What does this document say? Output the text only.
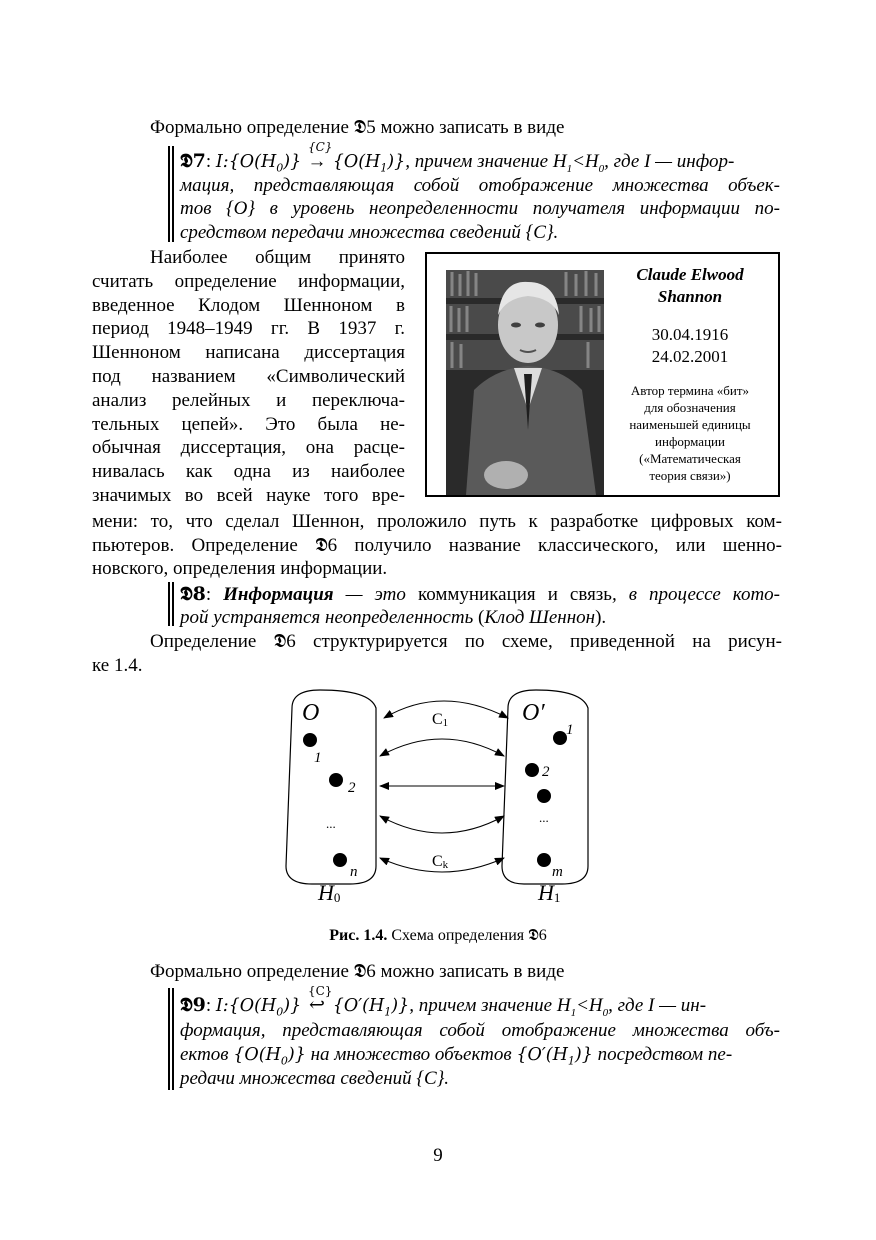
Формально определение 𝕯5 можно записать в виде
𝕯7: $I:\{O(H_0)\}$
{C}
→ $\{O(H_1)\}$, причем значение $H_1<H_0$, где I — инфор-
мация, представляющая собой отображение множества объек-
тов {O} в уровень неопределенности получателя информации по-
средством передачи множества сведений {C}.
Наиболее общим принято
считать определение информации,
введенное Клодом Шенноном в
период 1948–1949 гг. В 1937 г.
Шенноном написана диссертация
под названием «Символический
анализ релейных и переключа-
тельных цепей». Это была не-
обычная диссертация, она расце-
нивалась как одна из наиболее
значимых во всей науке того вре-
Claude Elwood
Shannon
30.04.1916
24.02.2001
Автор термина «бит»
для обозначения
наименьшей единицы
информации
(«Математическая
теория связи»)
мени: то, что сделал Шеннон, проложило путь к разработке цифровых ком-
пьютеров. Определение 𝕯6 получило название классического, или шенно-
новского, определения информации.
𝕯8: Информация — это коммуникация и связь, в процессе кото-
рой устраняется неопределенность (Клод Шеннон).
Определение 𝕯6 структурируется по схеме, приведенной на рисун-
ке 1.4.
C1
Ck
O	O′
1
2
...
n
1
2
...
m
H0	H1
Рис. 1.4. Схема определения 𝕯6
Формально определение 𝕯6 можно записать в виде
𝕯9: $I:\{O(H_0)\}$
{C}
↩ $\{O'(H_1)\}$, причем значение $H_1<H_0$, где I — ин-
формация, представляющая собой отображение множества объ-
ектов $\{O(H_0)\}$ на множество объектов $\{O'(H_1)\}$ посредством пе-
редачи множества сведений {C}.
9
